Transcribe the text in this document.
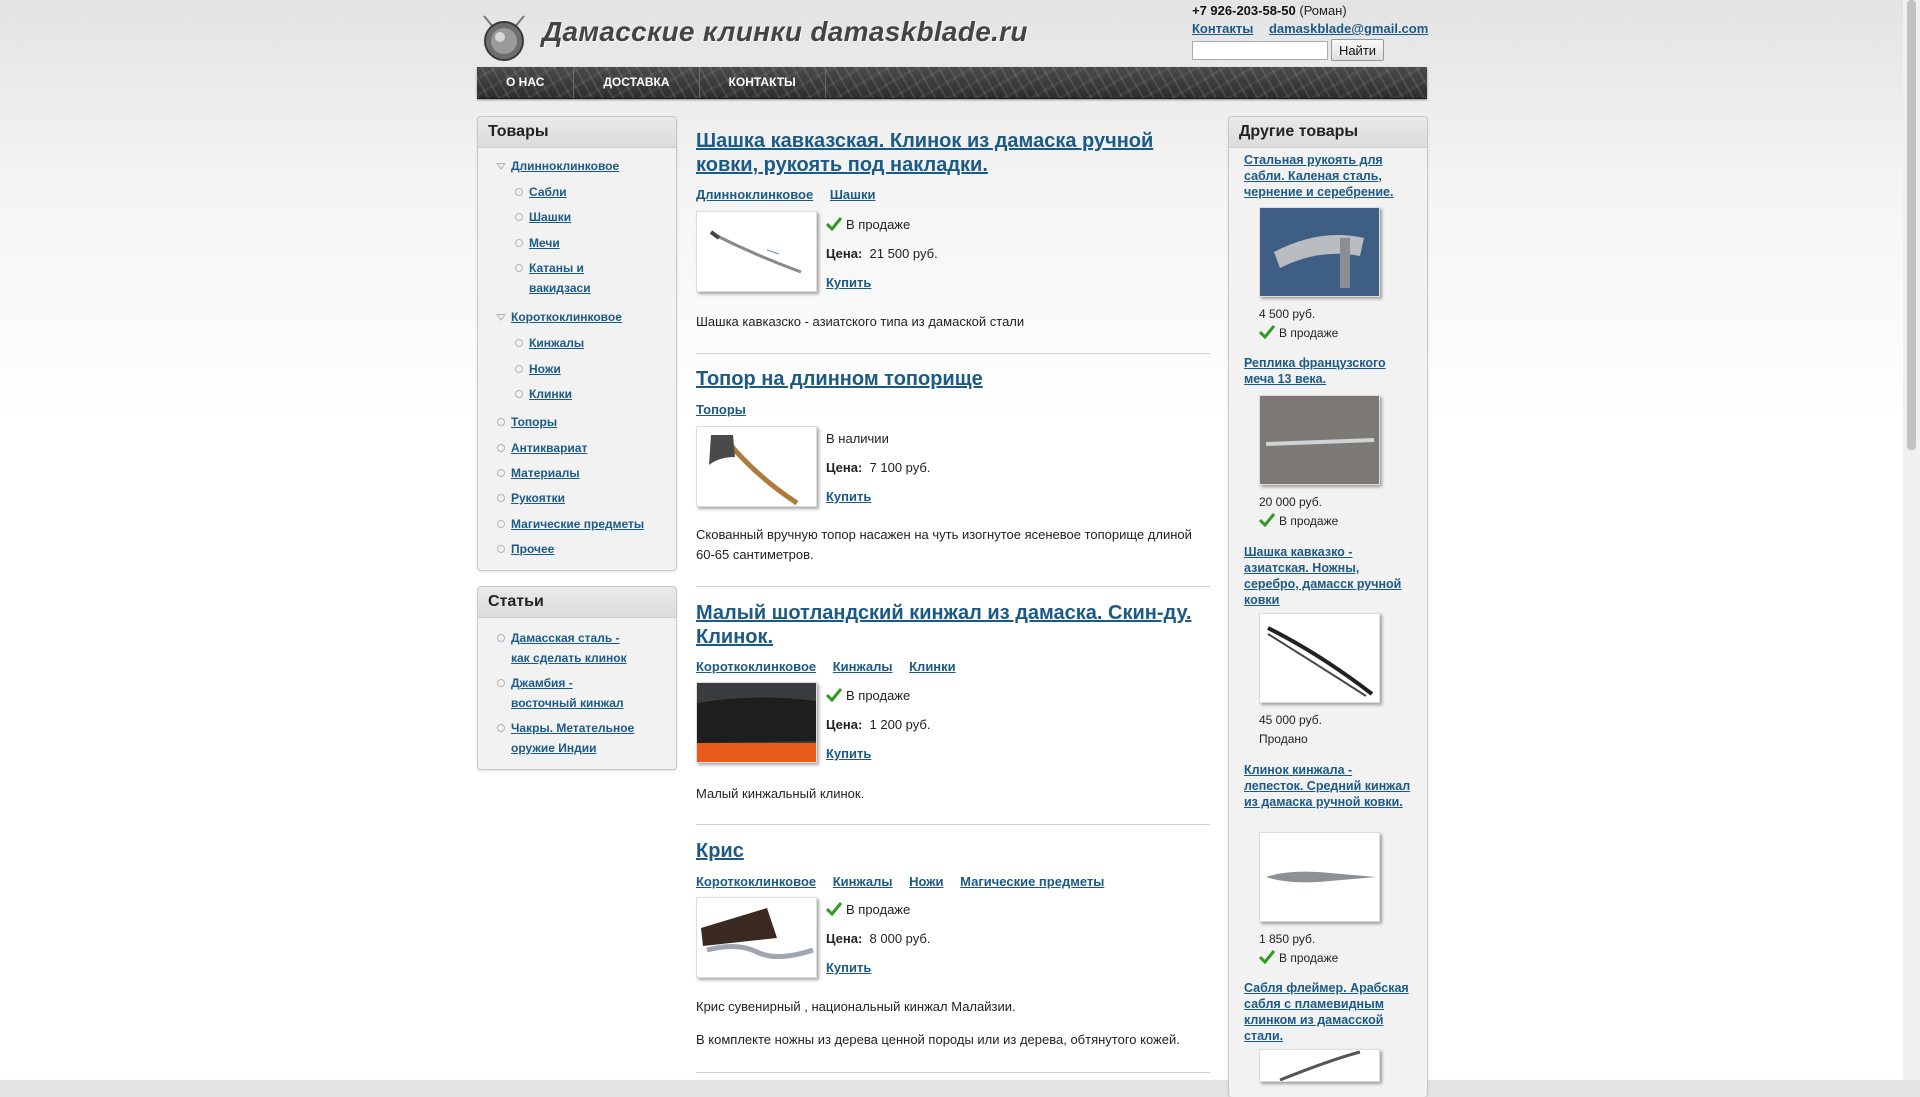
Дамасские клинки damaskblade.ru
+7 926-203-58-50 (Роман)
Контакты damaskblade@gmail.com
Найти
О НАС	ДОСТАВКА	КОНТАКТЫ
Товары
Длинноклинковое
Сабли
Шашки
Мечи
Катаны и вакидзаси
Короткоклинковое
Кинжалы
Ножи
Клинки
Топоры
Антиквариат
Материалы
Рукоятки
Магические предметы
Прочее
Статьи
Дамасская сталь - как сделать клинок
Джамбия - восточный кинжал
Чакры. Метательное оружие Индии
Шашка кавказская. Клинок из дамаска ручной ковки, рукоять под накладки.
Длинноклинковое Шашки
В продаже
Цена: 21 500 руб.
Купить
Шашка кавказско - азиатского типа из дамаской стали
Топор на длинном топорище
Топоры
В наличии
Цена: 7 100 руб.
Купить
Скованный вручную топор насажен на чуть изогнутое ясеневое топорище длиной 60-65 сантиметров.
Малый шотландский кинжал из дамаска. Скин-ду. Клинок.
Короткоклинковое Кинжалы Клинки
В продаже
Цена: 1 200 руб.
Купить
Малый кинжальный клинок.
Крис
Короткоклинковое Кинжалы Ножи Магические предметы
В продаже
Цена: 8 000 руб.
Купить
Крис сувенирный , национальный кинжал Малайзии.
В комплекте ножны из дерева ценной породы или из дерева, обтянутого кожей.
Другие товары
Стальная рукоять для сабли. Каленая сталь, чернение и серебрение.
4 500 руб.
В продаже
Реплика французского меча 13 века.
20 000 руб.
В продаже
Шашка кавказко - азиатская. Ножны, серебро, дамасск ручной ковки
45 000 руб.
Продано
Клинок кинжала - лепесток. Средний кинжал из дамаска ручной ковки.
1 850 руб.
В продаже
Сабля флеймер. Арабская сабля с пламевидным клинком из дамасской стали.
